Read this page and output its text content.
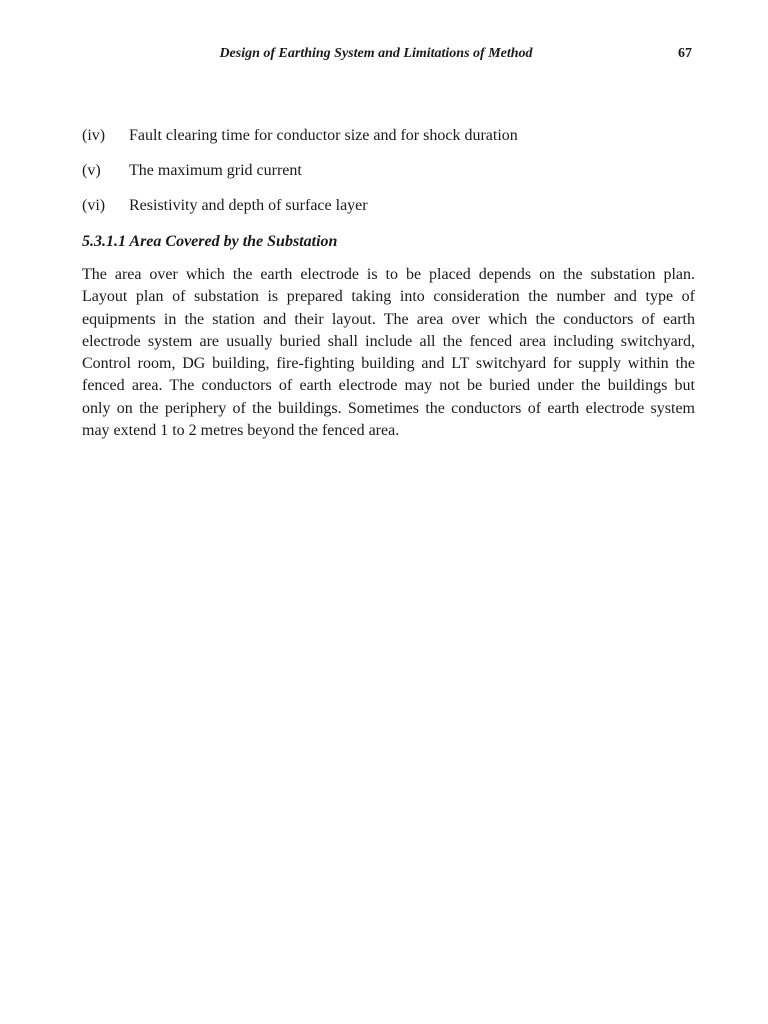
Design of Earthing System and Limitations of Method	67
(iv) Fault clearing time for conductor size and for shock duration
(v) The maximum grid current
(vi) Resistivity and depth of surface layer
5.3.1.1 Area Covered by the Substation
The area over which the earth electrode is to be placed depends on the substation plan.
Layout plan of substation is prepared taking into consideration the number and type of
equipments in the station and their layout. The area over which the conductors of earth
electrode system are usually buried shall include all the fenced area including switchyard,
Control room, DG building, fire-fighting building and LT switchyard for supply within the
fenced area. The conductors of earth electrode may not be buried under the buildings but
only on the periphery of the buildings. Sometimes the conductors of earth electrode system
may extend 1 to 2 metres beyond the fenced area.
